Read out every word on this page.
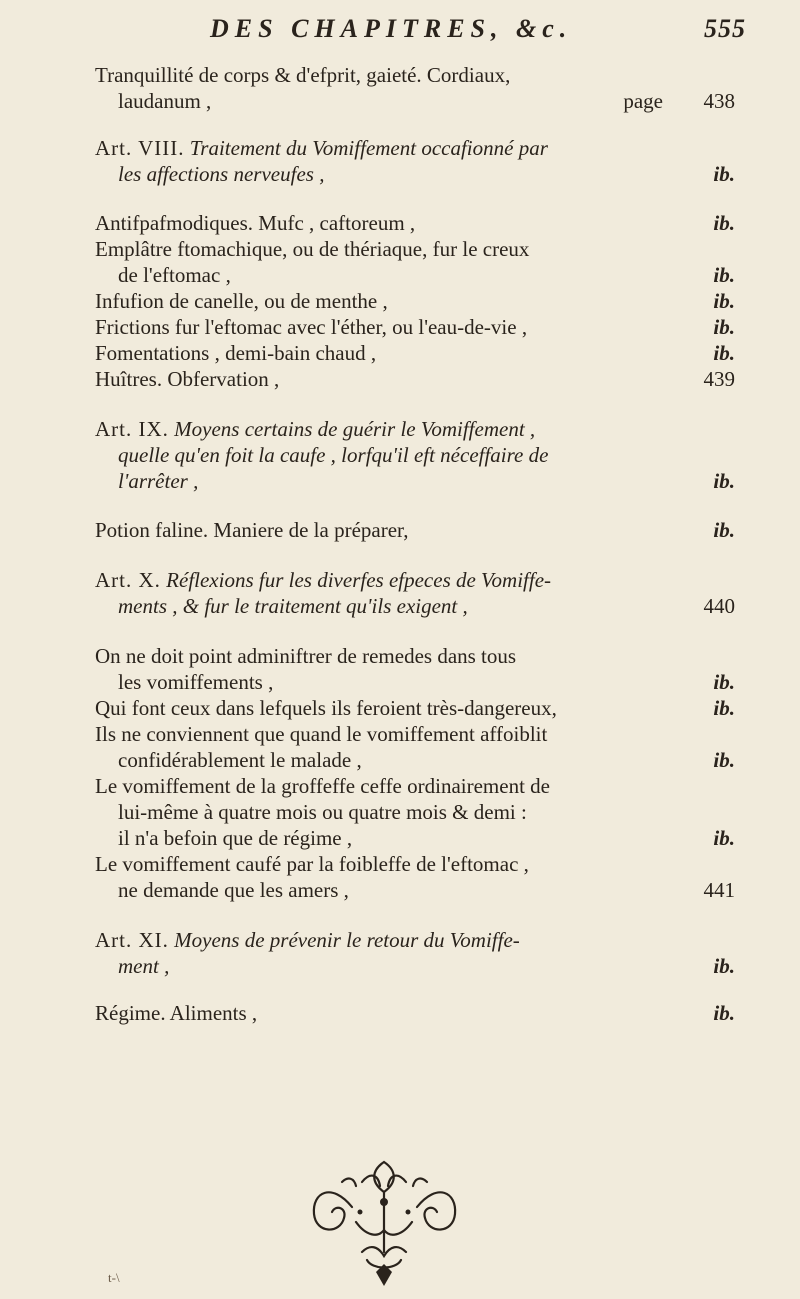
DES CHAPITRES, &c.	555
Tranquillité de corps & d'efprit, gaieté. Cordiaux,
laudanum ,	page	438
Art. VIII. Traitement du Vomiffement occafionné par
les affections nerveufes ,	ib.
Antifpafmodiques. Mufc , caftoreum ,	ib.
Emplâtre ftomachique, ou de thériaque, fur le creux
de l'eftomac ,	ib.
Infufion de canelle, ou de menthe ,	ib.
Frictions fur l'eftomac avec l'éther, ou l'eau-de-vie ,	ib.
Fomentations , demi-bain chaud ,	ib.
Huîtres. Obfervation ,	439
Art. IX. Moyens certains de guérir le Vomiffement ,
quelle qu'en foit la caufe , lorfqu'il eft néceffaire de
l'arrêter ,	ib.
Potion faline. Maniere de la préparer,	ib.
Art. X. Réflexions fur les diverfes efpeces de Vomiffe-
ments , & fur le traitement qu'ils exigent ,	440
On ne doit point adminiftrer de remedes dans tous
les vomiffements ,	ib.
Qui font ceux dans lefquels ils feroient très-dangereux,	ib.
Ils ne conviennent que quand le vomiffement affoiblit
confidérablement le malade ,	ib.
Le vomiffement de la groffeffe ceffe ordinairement de
lui-même à quatre mois ou quatre mois & demi :
il n'a befoin que de régime ,	ib.
Le vomiffement caufé par la foibleffe de l'eftomac ,
ne demande que les amers ,	441
Art. XI. Moyens de prévenir le retour du Vomiffe-
ment ,	ib.
Régime. Aliments ,	ib.
t-\
